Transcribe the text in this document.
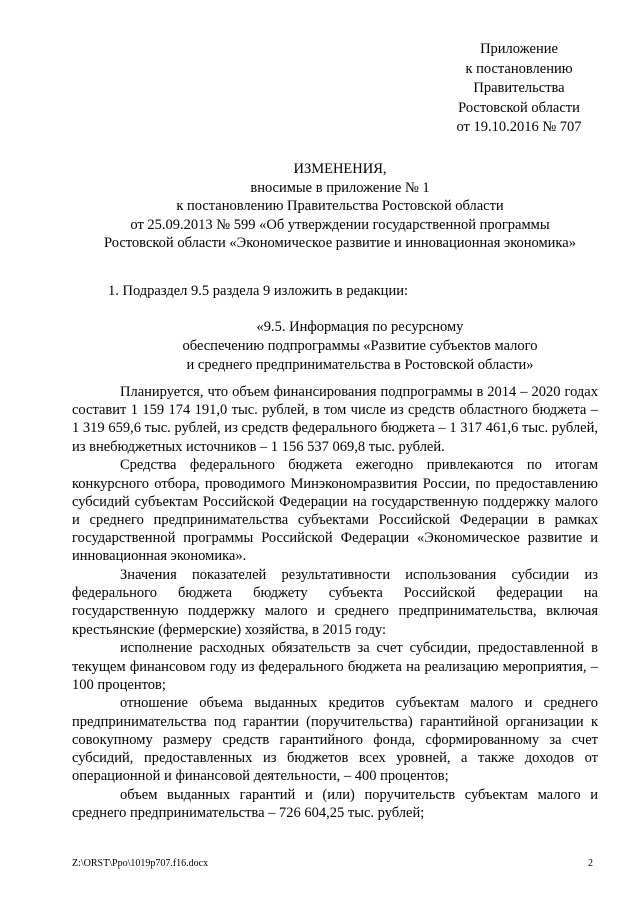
Приложение
к постановлению
Правительства
Ростовской области
от 19.10.2016 № 707
ИЗМЕНЕНИЯ,
вносимые в приложение № 1
к постановлению Правительства Ростовской области
от 25.09.2013 № 599 «Об утверждении государственной программы
Ростовской области «Экономическое развитие и инновационная экономика»
1. Подраздел 9.5 раздела 9 изложить в редакции:
«9.5. Информация по ресурсному
обеспечению подпрограммы «Развитие субъектов малого
и среднего предпринимательства в Ростовской области»

Планируется, что объем финансирования подпрограммы в 2014 – 2020 годах составит 1 159 174 191,0 тыс. рублей, в том числе из средств областного бюджета – 1 319 659,6 тыс. рублей, из средств федерального бюджета – 1 317 461,6 тыс. рублей, из внебюджетных источников – 1 156 537 069,8 тыс. рублей.

Средства федерального бюджета ежегодно привлекаются по итогам конкурсного отбора, проводимого Минэкономразвития России, по предоставлению субсидий субъектам Российской Федерации на государственную поддержку малого и среднего предпринимательства субъектами Российской Федерации в рамках государственной программы Российской Федерации «Экономическое развитие и инновационная экономика».

Значения показателей результативности использования субсидии из федерального бюджета бюджету субъекта Российской федерации на государственную поддержку малого и среднего предпринимательства, включая крестьянские (фермерские) хозяйства, в 2015 году:

исполнение расходных обязательств за счет субсидии, предоставленной в текущем финансовом году из федерального бюджета на реализацию мероприятия, – 100 процентов;

отношение объема выданных кредитов субъектам малого и среднего предпринимательства под гарантии (поручительства) гарантийной организации к совокупному размеру средств гарантийного фонда, сформированному за счет субсидий, предоставленных из бюджетов всех уровней, а также доходов от операционной и финансовой деятельности, – 400 процентов;

объем выданных гарантий и (или) поручительств субъектам малого и среднего предпринимательства – 726 604,25 тыс. рублей;

Z:\ORST\Ppo\1019p707.f16.docx	2
